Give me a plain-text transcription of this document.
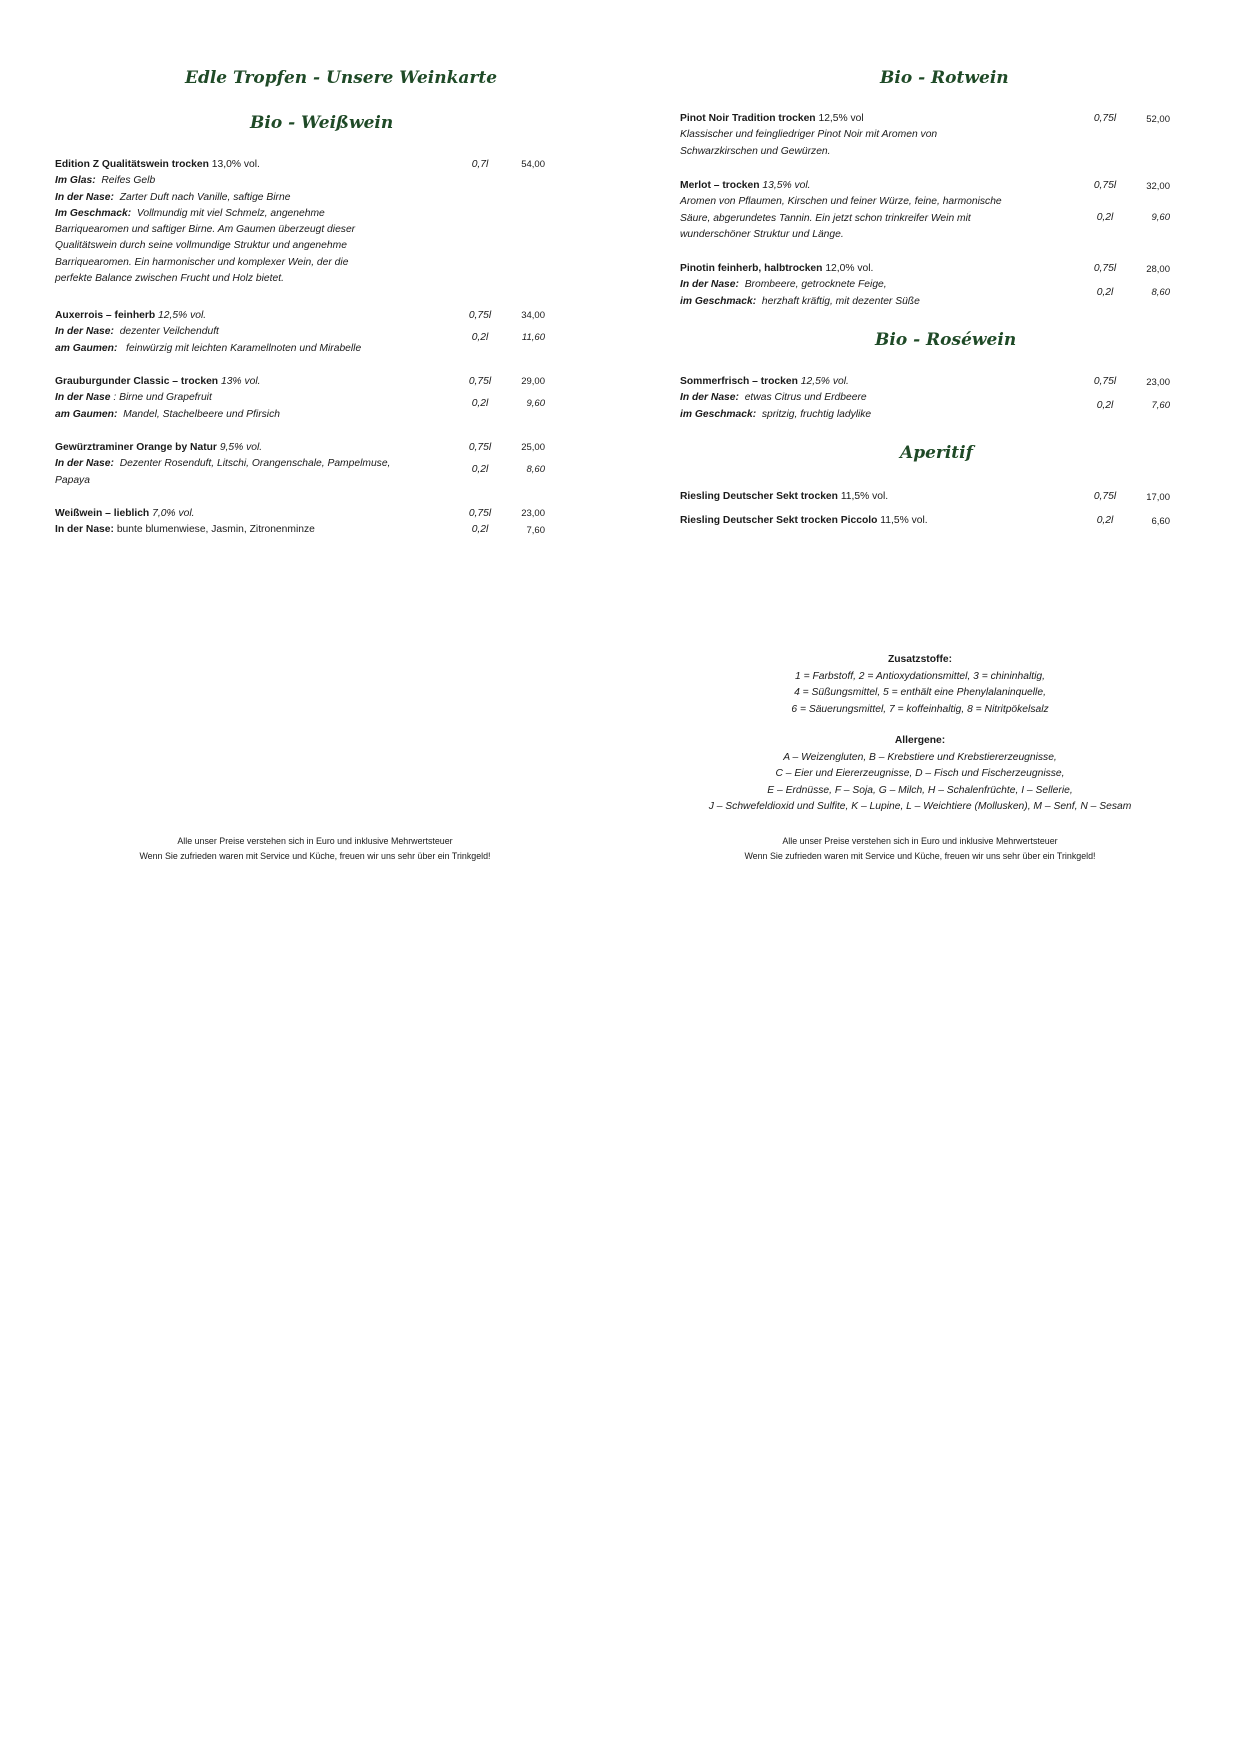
Edle Tropfen - Unsere Weinkarte
Bio - Weißwein
Edition Z Qualitätswein trocken 13,0% vol.
Im Glas: Reifes Gelb
In der Nase: Zarter Duft nach Vanille, saftige Birne
Im Geschmack: Vollmundig mit viel Schmelz, angenehme
Barriquearomen und saftiger Birne. Am Gaumen überzeugt dieser
Qualitätswein durch seine vollmundige Struktur und angenehme
Barriquearomen. Ein harmonischer und komplexer Wein, der die
perfekte Balance zwischen Frucht und Holz bietet.
0,7l	54,00
Auxerrois – feinherb 12,5% vol.
In der Nase: dezenter Veilchenduft
am Gaumen: feinwürzig mit leichten Karamellnoten und Mirabelle
0,75l	34,00
0,2l	11,60
Grauburgunder Classic – trocken 13% vol.
In der Nase : Birne und Grapefruit
am Gaumen: Mandel, Stachelbeere und Pfirsich
0,75l	29,00
0,2l	9,60
Gewürztraminer Orange by Natur 9,5% vol.
In der Nase: Dezenter Rosenduft, Litschi, Orangenschale, Pampelmuse,
Papaya
0,75l	25,00
0,2l	8,60
Weißwein – lieblich 7,0% vol.
In der Nase: bunte blumenwiese, Jasmin, Zitronenminze
0,75l	23,00
0,2l	7,60
Alle unser Preise verstehen sich in Euro und inklusive Mehrwertsteuer
Wenn Sie zufrieden waren mit Service und Küche, freuen wir uns sehr über ein Trinkgeld!
Bio - Rotwein
Pinot Noir Tradition trocken 12,5% vol
Klassischer und feingliedriger Pinot Noir mit Aromen von
Schwarzkirschen und Gewürzen.
0,75l	52,00
Merlot – trocken 13,5% vol.
Aromen von Pflaumen, Kirschen und feiner Würze, feine, harmonische
Säure, abgerundetes Tannin. Ein jetzt schon trinkreifer Wein mit
wunderschöner Struktur und Länge.
0,75l	32,00
0,2l	9,60
Pinotin feinherb, halbtrocken 12,0% vol.
In der Nase: Brombeere, getrocknete Feige,
im Geschmack: herzhaft kräftig, mit dezenter Süße
0,75l	28,00
0,2l	8,60
Bio - Roséwein
Sommerfrisch – trocken 12,5% vol.
In der Nase: etwas Citrus und Erdbeere
im Geschmack: spritzig, fruchtig ladylike
0,75l	23,00
0,2l	7,60
Aperitif
Riesling Deutscher Sekt trocken 11,5% vol.	0,75l	17,00
Riesling Deutscher Sekt trocken Piccolo 11,5% vol.	0,2l	6,60
Zusatzstoffe:
1 = Farbstoff, 2 = Antioxydationsmittel, 3 = chininhaltig,
4 = Süßungsmittel, 5 = enthält eine Phenylalaninquelle,
6 = Säuerungsmittel, 7 = koffeinhaltig, 8 = Nitritpökelsalz
Allergene:
A – Weizengluten, B – Krebstiere und Krebstiererzeugnisse,
C – Eier und Eiererzeugnisse, D – Fisch und Fischerzeugnisse,
E – Erdnüsse, F – Soja, G – Milch, H – Schalenfrüchte, I – Sellerie,
J – Schwefeldioxid und Sulfite, K – Lupine, L – Weichtiere (Mollusken), M – Senf, N – Sesam
Alle unser Preise verstehen sich in Euro und inklusive Mehrwertsteuer
Wenn Sie zufrieden waren mit Service und Küche, freuen wir uns sehr über ein Trinkgeld!
